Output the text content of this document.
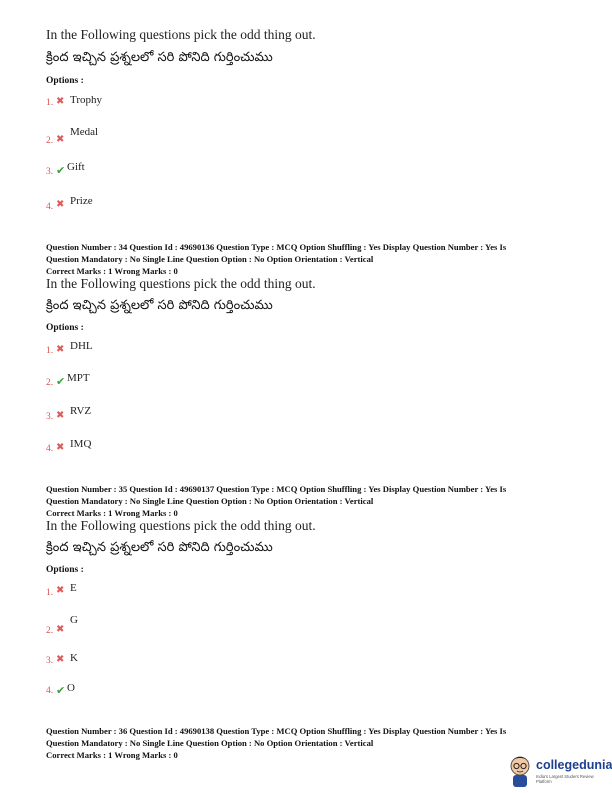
In the Following questions pick the odd thing out.
క్రింద ఇచ్చిన ప్రశ్నలలో సరి పోనిది గుర్తించుము
Options :
1. ✖ Trophy
2. ✖
Medal
3. ✔ Gift
4. ✖ Prize
Question Number : 34 Question Id : 49690136 Question Type : MCQ Option Shuffling : Yes Display Question Number : Yes Is
Question Mandatory : No Single Line Question Option : No Option Orientation : Vertical
Correct Marks : 1 Wrong Marks : 0
In the Following questions pick the odd thing out.
క్రింద ఇచ్చిన ప్రశ్నలలో సరి పోనిది గుర్తించుము
Options :
1. ✖ DHL
2. ✔ MPT
3. ✖ RVZ
4. ✖ IMQ
Question Number : 35 Question Id : 49690137 Question Type : MCQ Option Shuffling : Yes Display Question Number : Yes Is
Question Mandatory : No Single Line Question Option : No Option Orientation : Vertical
Correct Marks : 1 Wrong Marks : 0
In the Following questions pick the odd thing out.
క్రింద ఇచ్చిన ప్రశ్నలలో సరి పోనిది గుర్తించుము
Options :
1. ✖ E
2. ✖
G
3. ✖ K
4. ✔ O
Question Number : 36 Question Id : 49690138 Question Type : MCQ Option Shuffling : Yes Display Question Number : Yes Is
Question Mandatory : No Single Line Question Option : No Option Orientation : Vertical
Correct Marks : 1 Wrong Marks : 0
collegedunia
India's Largest Student Review Platform
